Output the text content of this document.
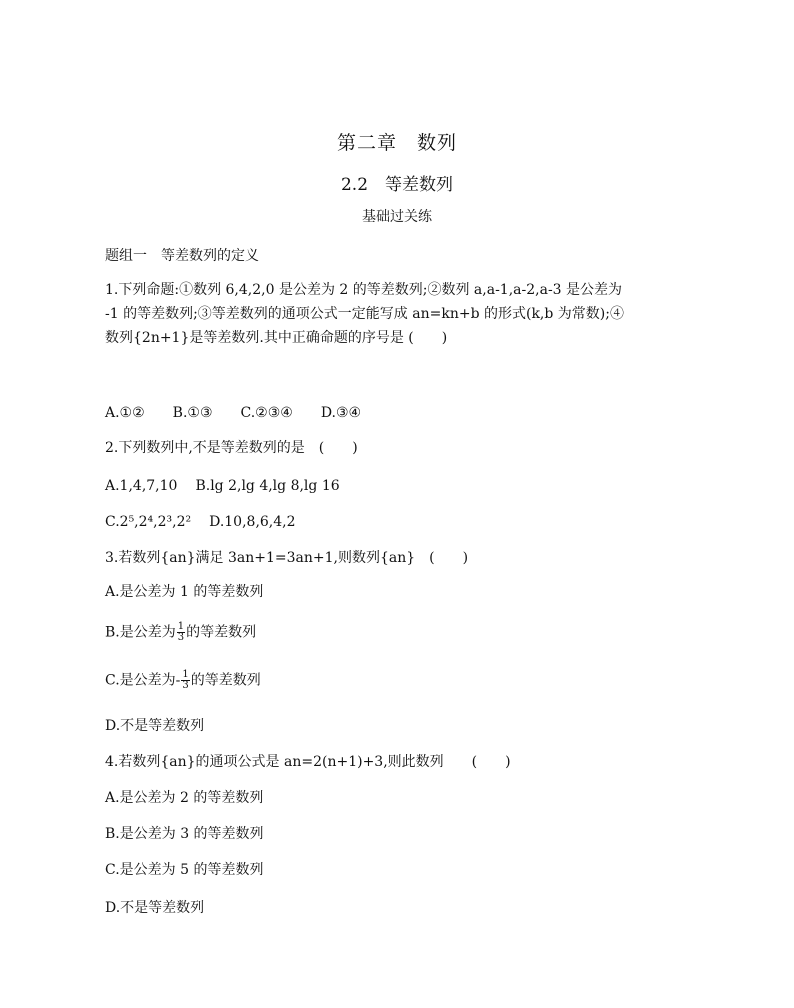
第二章　数列
2.2　等差数列
基础过关练
题组一　等差数列的定义
1.下列命题:①数列 6,4,2,0 是公差为 2 的等差数列;②数列 a,a-1,a-2,a-3 是公差为
-1 的等差数列;③等差数列的通项公式一定能写成 an=kn+b 的形式(k,b 为常数);④
数列{2n+1}是等差数列.其中正确命题的序号是 (　　)
A.①②　　B.①③　　C.②③④　　D.③④
2.下列数列中,不是等差数列的是　(　　)
A.1,4,7,10 B.lg 2,lg 4,lg 8,lg 16
C.2⁵,2⁴,2³,2² D.10,8,6,4,2
3.若数列{an}满足 3an+1=3an+1,则数列{an}　(　　)
A.是公差为 1 的等差数列
B.是公差为 $\frac{1}{3}$ 的等差数列
C.是公差为- $\frac{1}{3}$ 的等差数列
D.不是等差数列
4.若数列{an}的通项公式是 an=2(n+1)+3,则此数列　　(　　)
A.是公差为 2 的等差数列
B.是公差为 3 的等差数列
C.是公差为 5 的等差数列
D.不是等差数列
